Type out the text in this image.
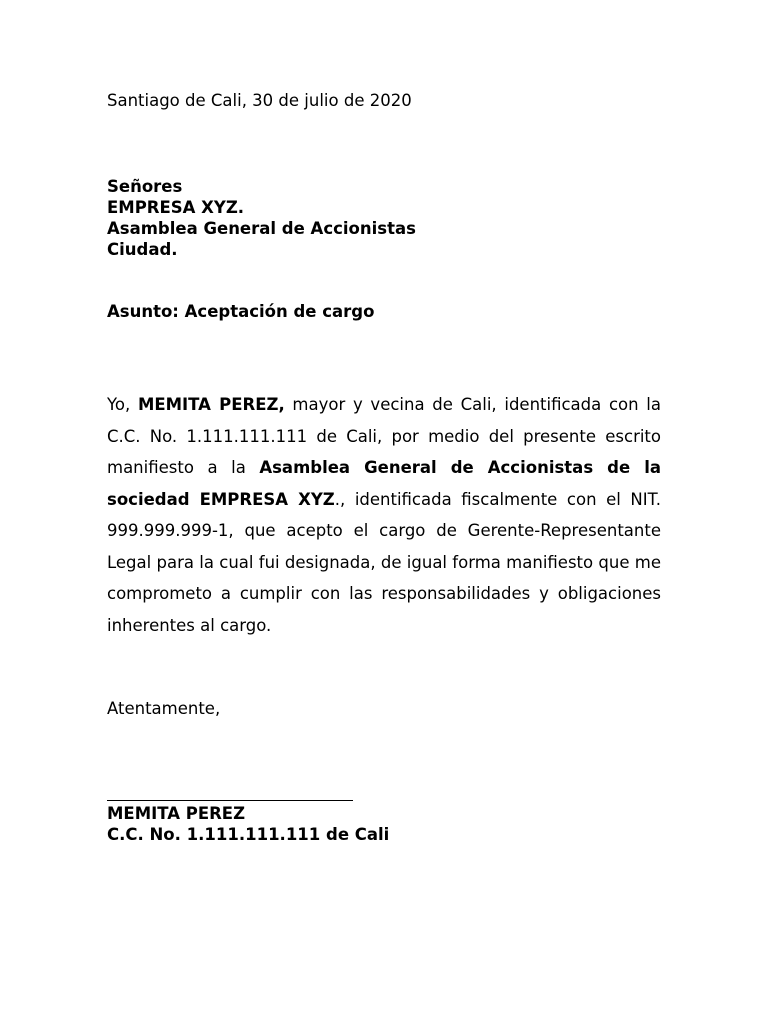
Santiago de Cali, 30 de julio de 2020

Señores
EMPRESA XYZ.
Asamblea General de Accionistas
Ciudad.

Asunto: Aceptación de cargo

Yo, MEMITA PEREZ, mayor y vecina de Cali, identificada con la C.C. No. 1.111.111.111 de Cali, por medio del presente escrito manifiesto a la Asamblea General de Accionistas de la sociedad EMPRESA XYZ., identificada fiscalmente con el NIT. 999.999.999-1, que acepto el cargo de Gerente-Representante Legal para la cual fui designada, de igual forma manifiesto que me comprometo a cumplir con las responsabilidades y obligaciones inherentes al cargo.

Atentamente,

MEMITA PEREZ
C.C. No. 1.111.111.111 de Cali
